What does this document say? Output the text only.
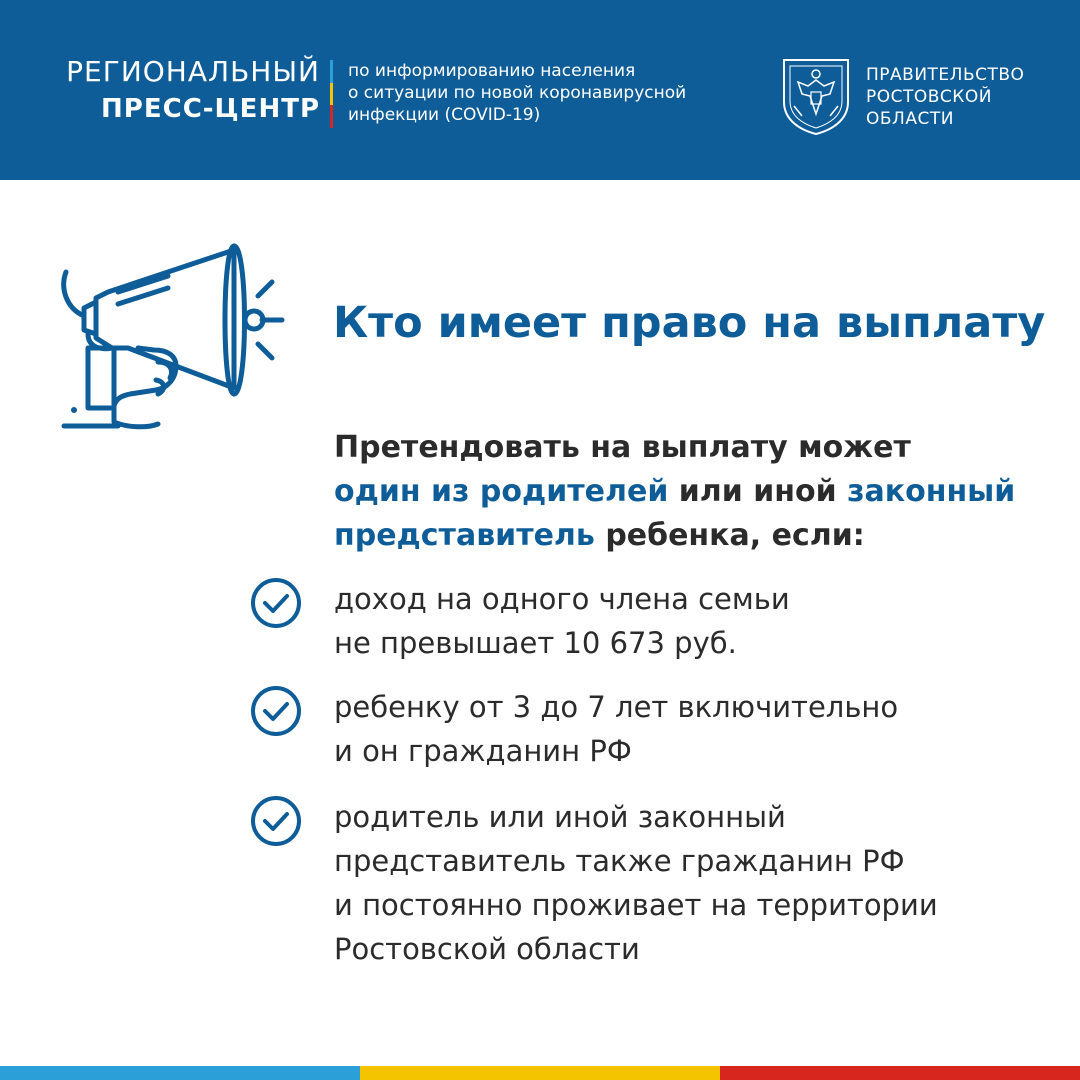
РЕГИОНАЛЬНЫЙ
ПРЕСС-ЦЕНТР
по информированию населения
о ситуации по новой коронавирусной
инфекции (COVID-19)
ПРАВИТЕЛЬСТВО
РОСТОВСКОЙ
ОБЛАСТИ
Кто имеет право на выплату
Претендовать на выплату может
один из родителей или иной законный
представитель ребенка, если:
доход на одного члена семьи
не превышает 10 673 руб.
ребенку от 3 до 7 лет включительно
и он гражданин РФ
родитель или иной законный
представитель также гражданин РФ
и постоянно проживает на территории
Ростовской области
